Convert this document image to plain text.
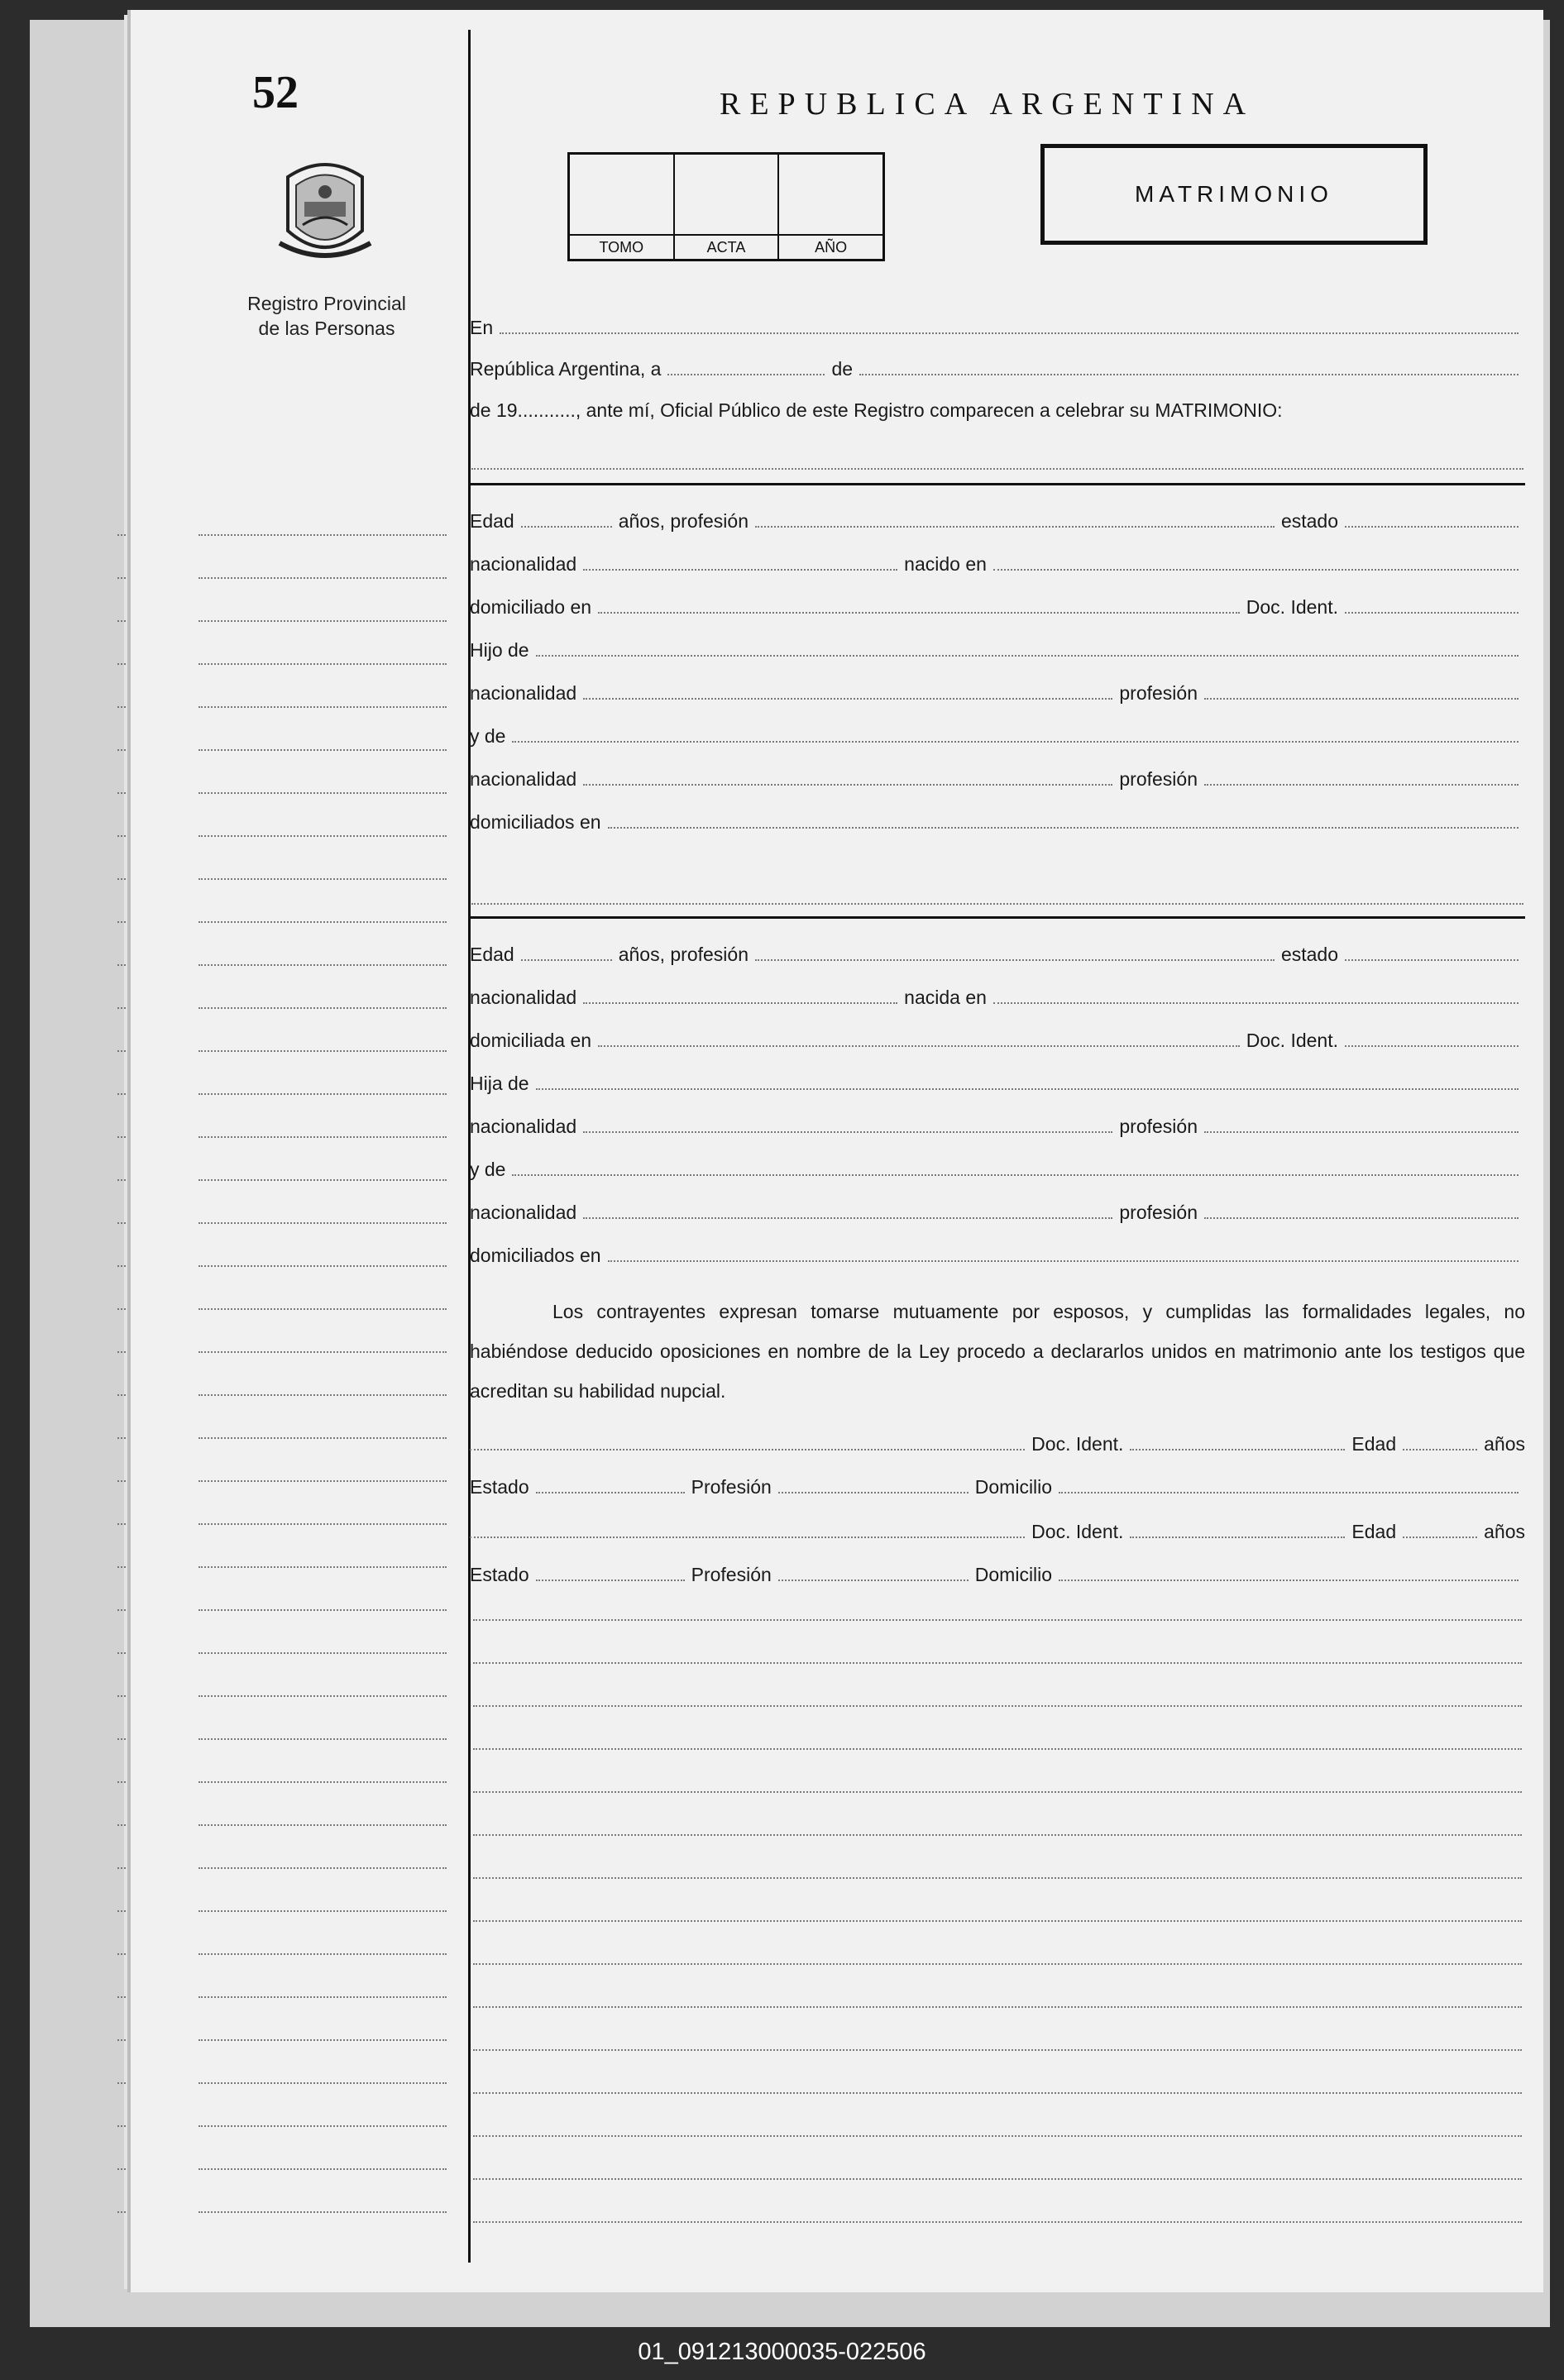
52
Registro Provincial
de las Personas
REPUBLICA ARGENTINA
TOMO	ACTA	AÑO
MATRIMONIO
En
República Argentina, a	de
de 19..........., ante mí, Oficial Público de este Registro comparecen a celebrar su MATRIMONIO:
Edad	años, profesión	estado
nacionalidad	nacido en
domiciliado en	Doc. Ident.
Hijo de
nacionalidad	profesión
y de
nacionalidad	profesión
domiciliados en
Edad	años, profesión	estado
nacionalidad	nacida en
domiciliada en	Doc. Ident.
Hija de
nacionalidad	profesión
y de
nacionalidad	profesión
domiciliados en
Los contrayentes expresan tomarse mutuamente por esposos, y cumplidas las formalidades legales, no habiéndose deducido oposiciones en nombre de la Ley procedo a declararlos unidos en matrimonio ante los testigos que acreditan su habilidad nupcial.
Doc. Ident.	Edad	años
Estado	Profesión	Domicilio
Doc. Ident.	Edad	años
Estado	Profesión	Domicilio
01_091213000035-022506
